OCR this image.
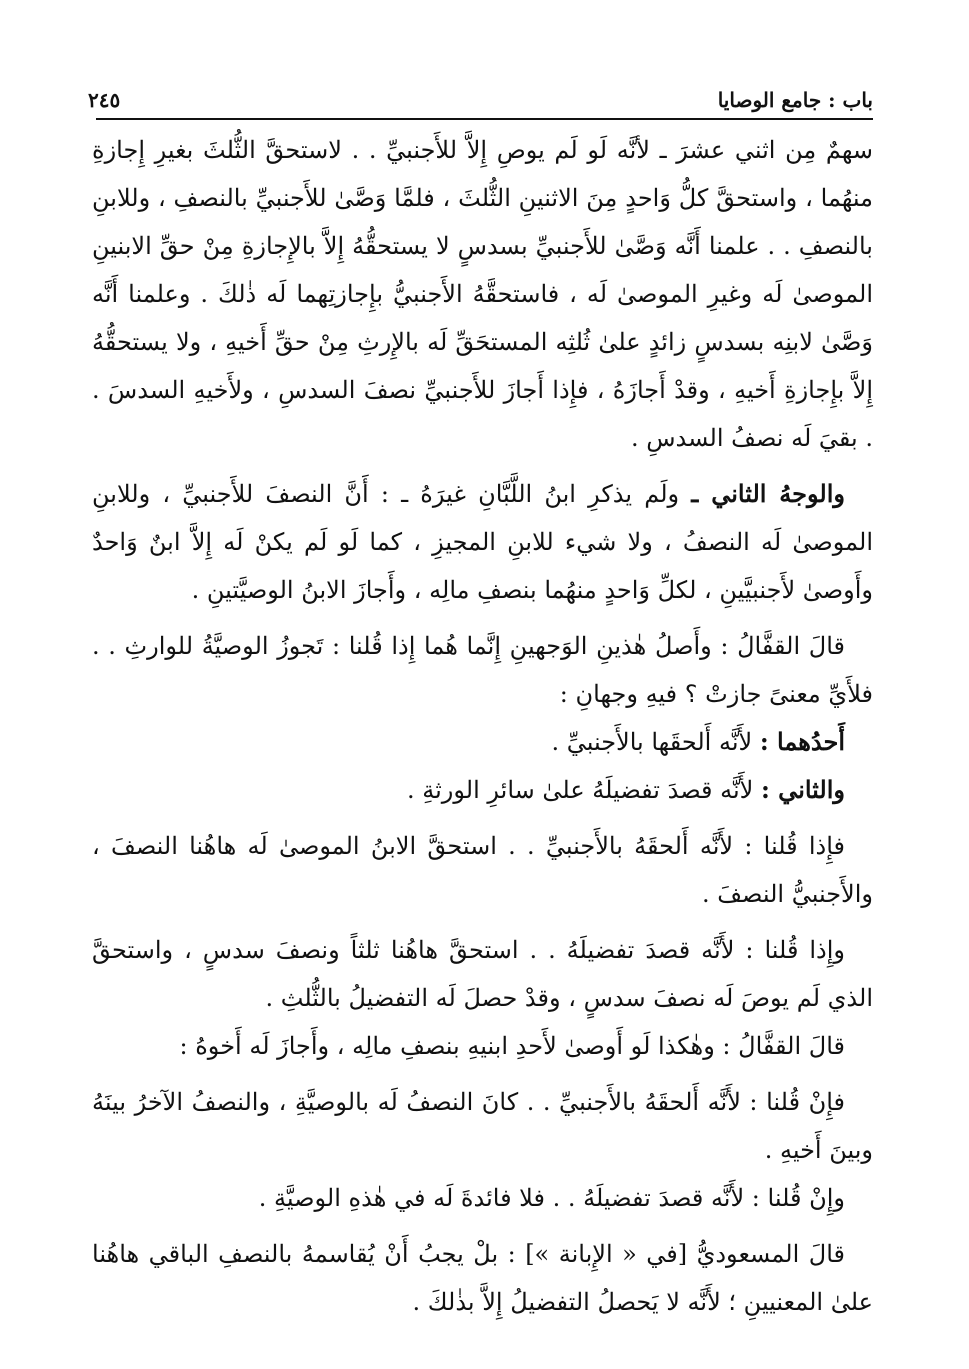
باب : جامع الوصايا
٢٤٥

سهمٌ مِن اثني عشرَ ـ لأنَّه لَو لَم يوصِ إِلاَّ للأَجنبيِّ . . لاستحقَّ الثُّلثَ بغيرِ إِجازةِ منهُما ، واستحقَّ كلُّ وَاحدٍ مِنَ الاثنينِ الثُّلثَ ، فلمَّا وَصَّىٰ للأَجنبيِّ بالنصفِ ، وللابنِ بالنصفِ . . علمنا أَنَّه وَصَّىٰ للأَجنبيِّ بسدسٍ لا يستحقُّهُ إِلاَّ بالإِجازةِ مِنْ حقِّ الابنينِ الموصىٰ لَه وغيرِ الموصىٰ لَه ، فاستحقَّهُ الأَجنبيُّ بإِجازتِهما لَه ذٰلكَ . وعلمنا أَنَّه وَصَّىٰ لابنِه بسدسٍ زائدٍ علىٰ ثُلثِه المستحَقِّ لَه بالإِرثِ مِنْ حقِّ أَخيهِ ، ولا يستحقُّهُ إِلاَّ بإِجازةِ أَخيهِ ، وقدْ أَجازَهُ ، فإِذا أَجازَ للأَجنبيِّ نصفَ السدسِ ، ولأَخيهِ السدسَ . . بقيَ لَه نصفُ السدسِ .

والوجهُ الثاني ـ ولَم يذكرِ ابنُ اللَّبَّانِ غيرَهُ ـ : أَنَّ النصفَ للأَجنبيِّ ، وللابنِ الموصىٰ لَه النصفُ ، ولا شيء للابنِ المجيزِ ، كما لَو لَم يكنْ لَه إِلاَّ ابنٌ وَاحدٌ وأَوصىٰ لأَجنبيَّينِ ، لكلِّ وَاحدٍ منهُما بنصفِ مالِه ، وأَجازَ الابنُ الوصيَّتينِ .

قالَ القفَّالُ : وأَصلُ هٰذينِ الوَجهينِ إِنَّما هُما إِذا قُلنا : تَجوزُ الوصيَّةُ للوارثِ . . فلأَيِّ معنىً جازتْ ؟ فيهِ وجهانِ :

أَحدُهما : لأَنَّه أَلحقَها بالأَجنبيِّ .

والثاني : لأَنَّه قصدَ تفضيلَهُ علىٰ سائرِ الورثةِ .

فإِذا قُلنا : لأَنَّه أَلحقَهُ بالأَجنبيِّ . . استحقَّ الابنُ الموصىٰ لَه هاهُنا النصفَ ، والأَجنبيُّ النصفَ .

وإِذا قُلنا : لأَنَّه قصدَ تفضيلَهُ . . استحقَّ هاهُنا ثلثاً ونصفَ سدسٍ ، واستحقَّ الذي لَم يوصَ لَه نصفَ سدسٍ ، وقدْ حصلَ لَه التفضيلُ بالثُّلثِ .

قالَ القفَّالُ : وهٰكذا لَو أَوصىٰ لأَحدِ ابنيهِ بنصفِ مالِه ، وأَجازَ لَه أَخوهُ :

فإِنْ قُلنا : لأَنَّه أَلحقَهُ بالأَجنبيِّ . . كانَ النصفُ لَه بالوصيَّةِ ، والنصفُ الآخرُ بينَهُ وبينَ أَخيهِ .

وإِنْ قُلنا : لأَنَّه قصدَ تفضيلَهُ . . فلا فائدةَ لَه في هٰذهِ الوصيَّةِ .

قالَ المسعوديُّ [في « الإِبانة »] : بلْ يجبُ أَنْ يُقاسمهُ بالنصفِ الباقي هاهُنا علىٰ المعنيينِ ؛ لأَنَّه لا يَحصلُ التفضيلُ إِلاَّ بذٰلكَ .
